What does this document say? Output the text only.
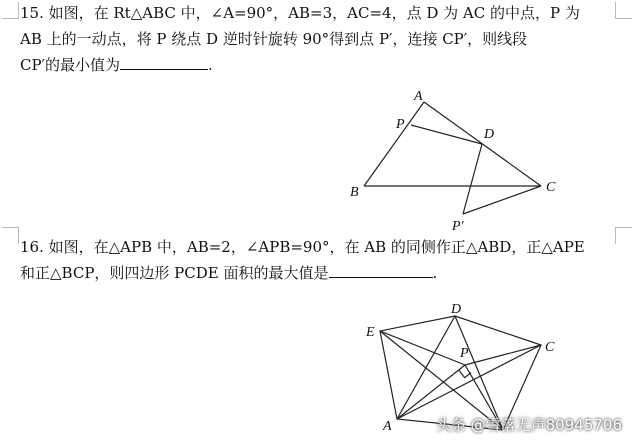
15. 如图，在 Rt△ABC 中，∠A=90°，AB=3，AC=4，点 D 为 AC 的中点，P 为
AB 上的一动点，将 P 绕点 D 逆时针旋转 90°得到点 P′，连接 CP′，则线段
CP′的最小值为	.
16. 如图，在△APB 中，AB=2，∠APB=90°，在 AB 的同侧作正△ABD，正△APE
和正△BCP，则四边形 PCDE 面积的最大值是	.
A
P
D
B	C
P′
E
D
P	C
A	头条 @雪落无声80945706
